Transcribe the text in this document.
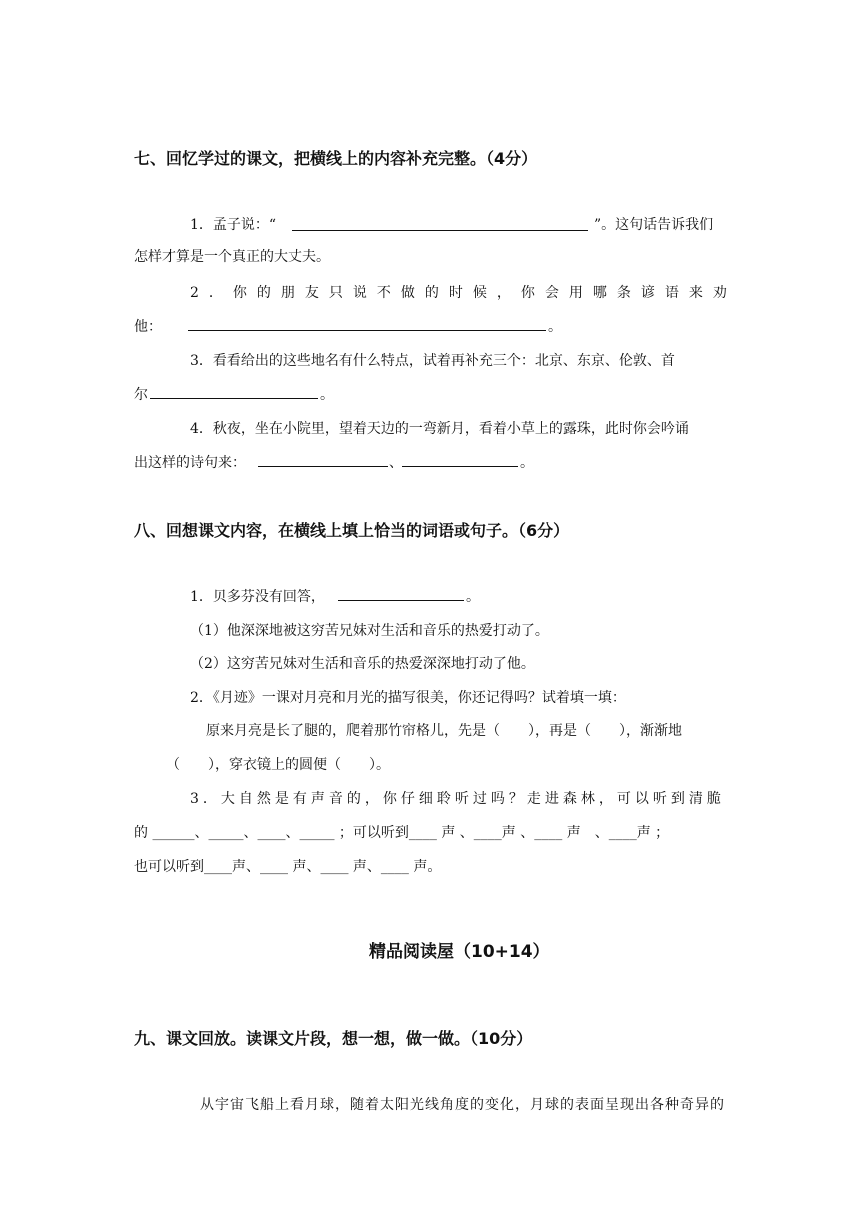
七、回忆学过的课文，把横线上的内容补充完整。（4分）
1．孟子说：“	”。这句话告诉我们
怎样才算是一个真正的大丈夫。
2．你的朋友只说不做的时候，你会用哪条谚语来劝
他：	。
3．看看给出的这些地名有什么特点，试着再补充三个：北京、东京、伦敦、首
尔	。
4．秋夜，坐在小院里，望着天边的一弯新月，看着小草上的露珠，此时你会吟诵
出这样的诗句来：	、	。
八、回想课文内容，在横线上填上恰当的词语或句子。（6分）
1．贝多芬没有回答，	。
（1）他深深地被这穷苦兄妹对生活和音乐的热爱打动了。
（2）这穷苦兄妹对生活和音乐的热爱深深地打动了他。
2．《月迹》一课对月亮和月光的描写很美，你还记得吗？试着填一填：
原来月亮是长了腿的，爬着那竹帘格儿，先是（　　），再是（　　），渐渐地
（　　），穿衣镜上的圆便（　　）。
3．大自然是有声音的，你仔细聆听过吗？走进森林，可以听到清脆
的 ______、_____、____、_____ ；可以听到____ 声 、____声 、____ 声　、____声 ；
也可以听到____声、____ 声、____ 声、____ 声。
精品阅读屋（10+14）
九、课文回放。读课文片段，想一想，做一做。（10分）
从宇宙飞船上看月球，随着太阳光线角度的变化，月球的表面呈现出各种奇异的
